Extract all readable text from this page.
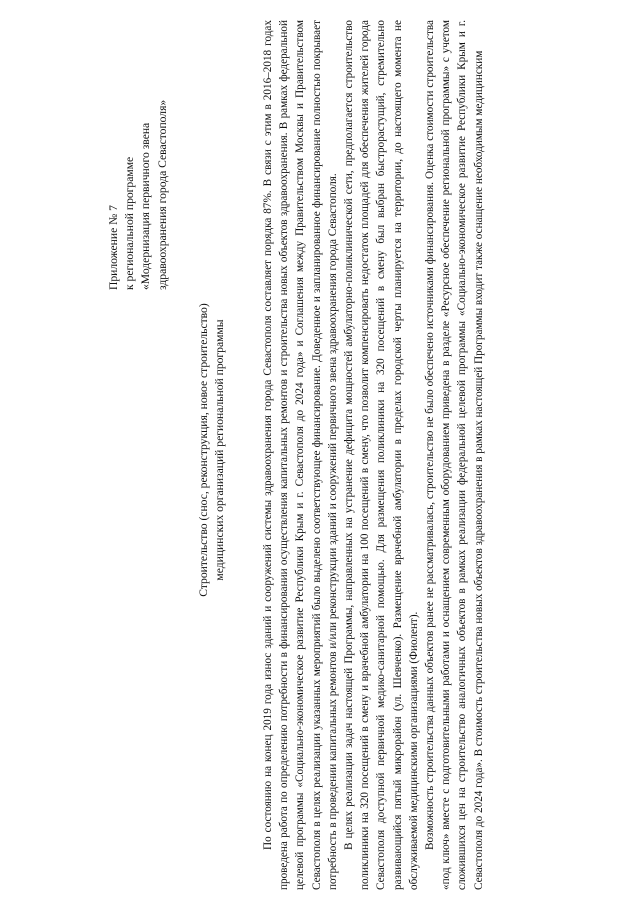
Приложение № 7 к региональной программе «Модернизация первичного звена здравоохранения города Севастополя»
Строительство (снос, реконструкция, новое строительство) медицинских организаций региональной программы	По состоянию на конец 2019 года износ зданий и сооружений системы здравоохранения города Севастополя составляет порядка 87%. В связи с этим в 2016–2018 годах проведена работа по определению потребности в финансировании осуществления капитальных ремонтов и строительства новых объектов здравоохранения. В рамках федеральной целевой программы «Социально-экономическое развитие Республики Крым и г. Севастополя до 2024 года» и Соглашения между Правительством Москвы и Правительством Севастополя в целях реализации указанных мероприятий было выделено соответствующее финансирование. Доведенное и запланированное финансирование полностью покрывает потребность в проведении капитальных ремонтов и/или реконструкции зданий и сооружений первичного звена здравоохранения города Севастополя. В целях реализации задач настоящей Программы, направленных на устранение дефицита мощностей амбулаторно-поликлинической сети, предполагается строительство поликлиники на 320 посещений в смену и врачебной амбулатории на 100 посещений в смену, что позволит компенсировать недостаток площадей для обеспечения жителей города Севастополя доступной первичной медико-санитарной помощью. Для размещения поликлиники на 320 посещений в смену был выбран быстрорастущий, стремительно развивающийся пятый микрорайон (ул. Шевченко). Размещение врачебной амбулатории в пределах городской черты планируется на территории, до настоящего момента не обслуживаемой медицинскими организациями (Фиолент). Возможность строительства данных объектов ранее не рассматривалась, строительство не было обеспечено источниками финансирования. Оценка стоимости строительства «под ключ» вместе с подготовительными работами и оснащением современным оборудованием приведена в разделе «Ресурсное обеспечение региональной программы» с учетом сложившихся цен на строительство аналогичных объектов в рамках реализации федеральной целевой программы «Социально-экономическое развитие Республики Крым и г. Севастополя до 2024 года». В стоимость строительства новых объектов здравоохранения в рамках настоящей Программы входит также оснащение необходимым медицинским
